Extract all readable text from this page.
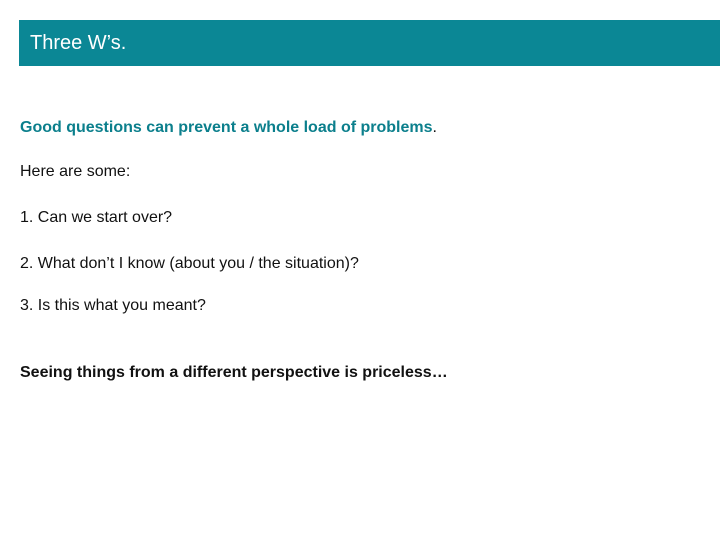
Three W’s.
Good questions can prevent a whole load of problems.
Here are some:
1. Can we start over?
2. What don’t I know (about you / the situation)?
3. Is this what you meant?
Seeing things from a different perspective is priceless…
